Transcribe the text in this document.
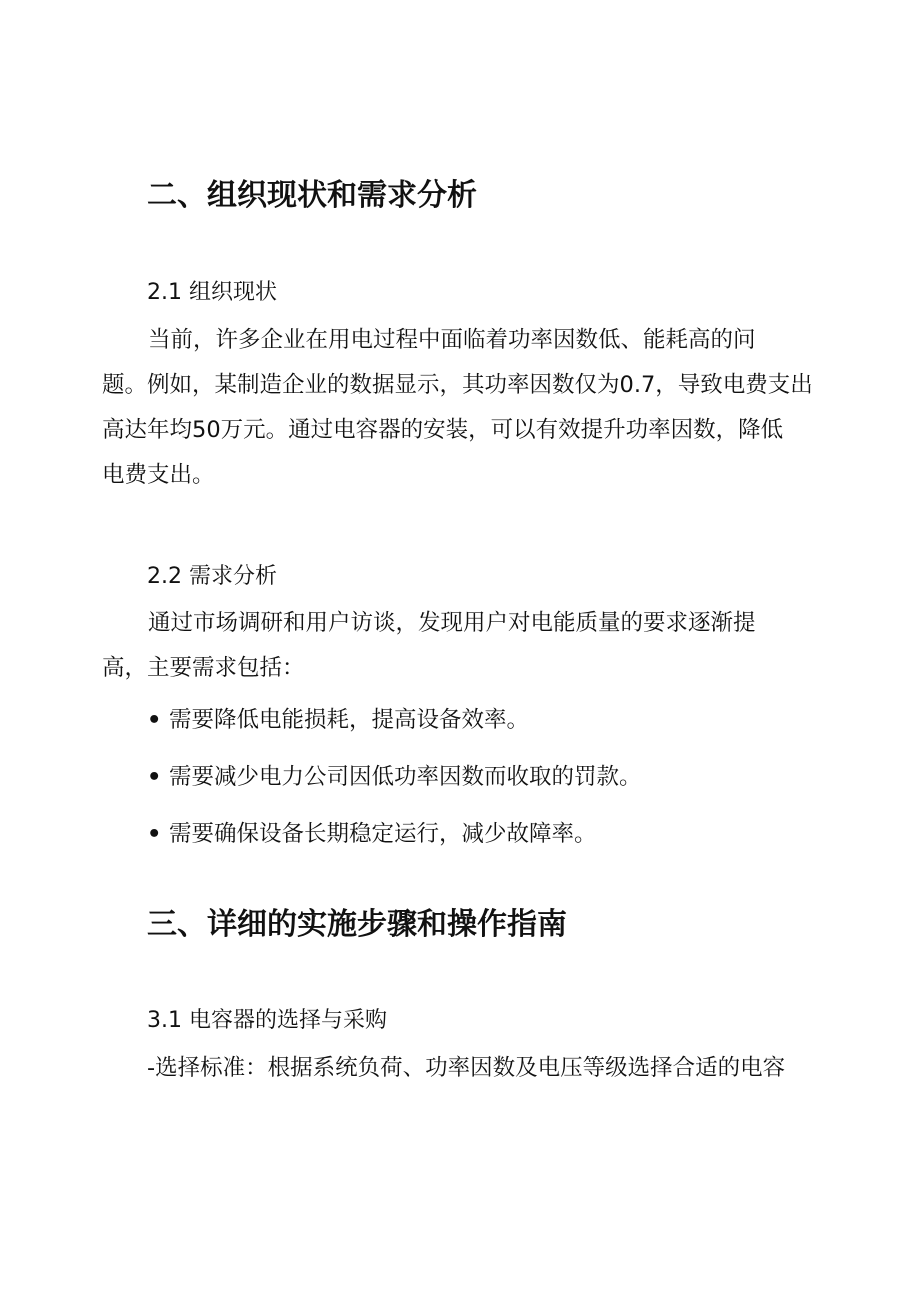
二、组织现状和需求分析
2.1 组织现状
当前，许多企业在用电过程中面临着功率因数低、能耗高的问
题。例如，某制造企业的数据显示，其功率因数仅为0.7，导致电费支出
高达年均50万元。通过电容器的安装，可以有效提升功率因数，降低
电费支出。
2.2 需求分析
通过市场调研和用户访谈，发现用户对电能质量的要求逐渐提
高，主要需求包括：
• 需要降低电能损耗，提高设备效率。
• 需要减少电力公司因低功率因数而收取的罚款。
• 需要确保设备长期稳定运行，减少故障率。
三、详细的实施步骤和操作指南
3.1 电容器的选择与采购
-选择标准：根据系统负荷、功率因数及电压等级选择合适的电容
